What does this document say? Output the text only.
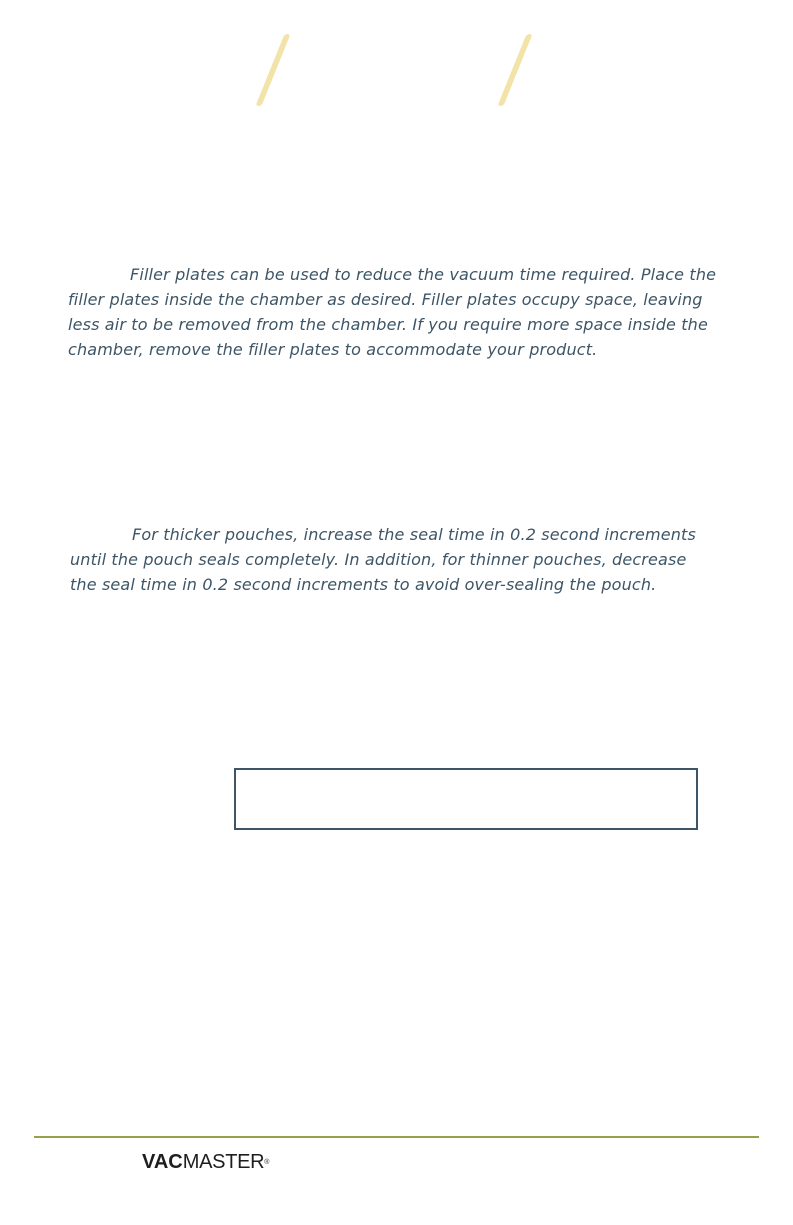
Filler plates can be used to reduce the vacuum time required. Place the
filler plates inside the chamber as desired. Filler plates occupy space, leaving
less air to be removed from the chamber. If you require more space inside the
chamber, remove the filler plates to accommodate your product.

For thicker pouches, increase the seal time in 0.2 second increments
until the pouch seals completely. In addition, for thinner pouches, decrease
the seal time in 0.2 second increments to avoid over-sealing the pouch.

VACMASTER®
